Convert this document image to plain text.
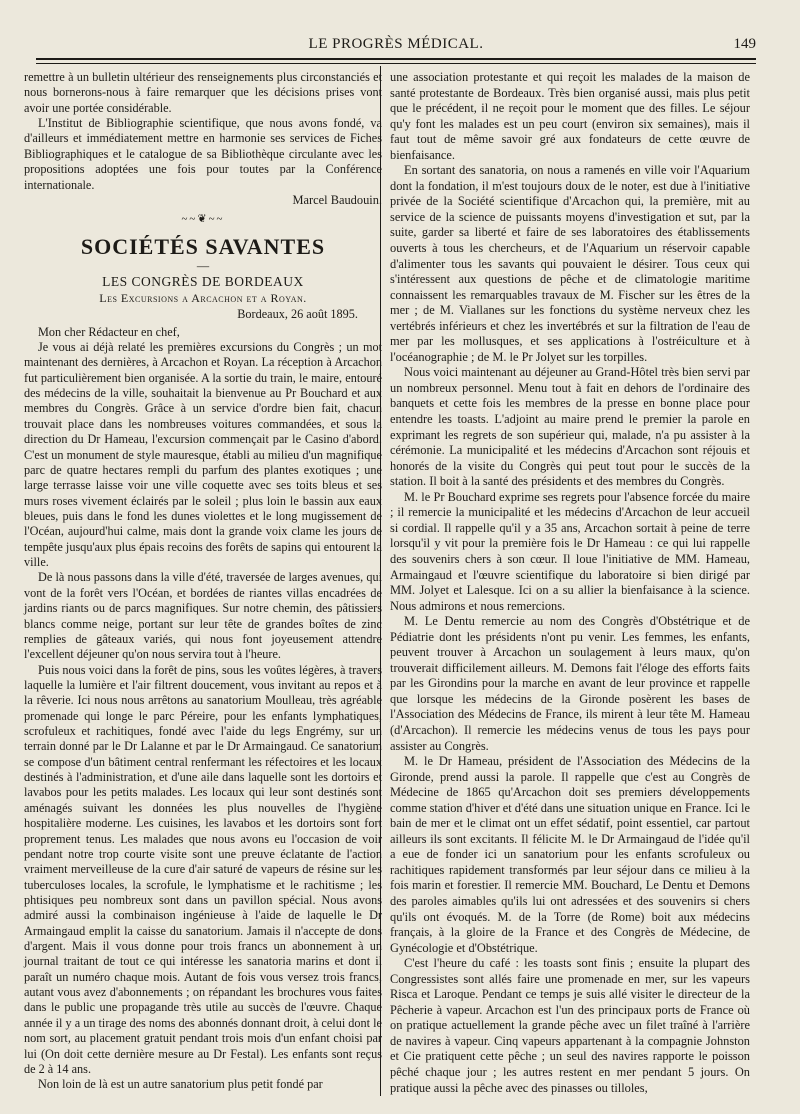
LE PROGRÈS MÉDICAL.	149

remettre à un bulletin ultérieur des renseignements plus circonstanciés et nous bornerons-nous à faire remarquer que les décisions prises vont avoir une portée considérable.

L'Institut de Bibliographie scientifique, que nous avons fondé, va d'ailleurs et immédiatement mettre en harmonie ses services de Fiches Bibliographiques et le catalogue de sa Bibliothèque circulante avec les propositions adoptées une fois pour toutes par la Conférence internationale.

Marcel Baudouin.

~~❦~~
SOCIÉTÉS SAVANTES
—
LES CONGRÈS DE BORDEAUX
Les Excursions a Arcachon et a Royan.
Bordeaux, 26 août 1895.

Mon cher Rédacteur en chef,

Je vous ai déjà relaté les premières excursions du Congrès ; un mot maintenant des dernières, à Arcachon et Royan. La réception à Arcachon fut particulièrement bien organisée. A la sortie du train, le maire, entouré des médecins de la ville, souhaitait la bienvenue au Pr Bouchard et aux membres du Congrès. Grâce à un service d'ordre bien fait, chacun trouvait place dans les nombreuses voitures commandées, et sous la direction du Dr Hameau, l'excursion commençait par le Casino d'abord. C'est un monument de style mauresque, établi au milieu d'un magnifique parc de quatre hectares rempli du parfum des plantes exotiques ; une large terrasse laisse voir une ville coquette avec ses toits bleus et ses murs roses vivement éclairés par le soleil ; plus loin le bassin aux eaux bleues, puis dans le fond les dunes violettes et le long mugissement de l'Océan, aujourd'hui calme, mais dont la grande voix clame les jours de tempête jusqu'aux plus épais recoins des forêts de sapins qui entourent la ville.

De là nous passons dans la ville d'été, traversée de larges avenues, qui vont de la forêt vers l'Océan, et bordées de riantes villas encadrées de jardins riants ou de parcs magnifiques. Sur notre chemin, des pâtissiers blancs comme neige, portant sur leur tête de grandes boîtes de zinc remplies de gâteaux variés, qui nous font joyeusement attendre l'excellent déjeuner qu'on nous servira tout à l'heure.

Puis nous voici dans la forêt de pins, sous les voûtes légères, à travers laquelle la lumière et l'air filtrent doucement, vous invitant au repos et à la rêverie. Ici nous nous arrêtons au sanatorium Moulleau, très agréable promenade qui longe le parc Péreire, pour les enfants lymphatiques, scrofuleux et rachitiques, fondé avec l'aide du legs Engrémy, sur un terrain donné par le Dr Lalanne et par le Dr Armaingaud. Ce sanatorium se compose d'un bâtiment central renfermant les réfectoires et les locaux destinés à l'administration, et d'une aile dans laquelle sont les dortoirs et lavabos pour les petits malades. Les locaux qui leur sont destinés sont aménagés suivant les données les plus nouvelles de l'hygiène hospitalière moderne. Les cuisines, les lavabos et les dortoirs sont fort proprement tenus. Les malades que nous avons eu l'occasion de voir pendant notre trop courte visite sont une preuve éclatante de l'action vraiment merveilleuse de la cure d'air saturé de vapeurs de résine sur les tuberculoses locales, la scrofule, le lymphatisme et le rachitisme ; les phtisiques peu nombreux sont dans un pavillon spécial. Nous avons admiré aussi la combinaison ingénieuse à l'aide de laquelle le Dr Armaingaud emplit la caisse du sanatorium. Jamais il n'accepte de dons d'argent. Mais il vous donne pour trois francs un abonnement à un journal traitant de tout ce qui intéresse les sanatoria marins et dont il paraît un numéro chaque mois. Autant de fois vous versez trois francs, autant vous avez d'abonnements ; on répandant les brochures vous faites dans le public une propagande très utile au succès de l'œuvre. Chaque année il y a un tirage des noms des abonnés donnant droit, à celui dont le nom sort, au placement gratuit pendant trois mois d'un enfant choisi par lui (On doit cette dernière mesure au Dr Festal). Les enfants sont reçus de 2 à 14 ans.

Non loin de là est un autre sanatorium plus petit fondé par

une association protestante et qui reçoit les malades de la maison de santé protestante de Bordeaux. Très bien organisé aussi, mais plus petit que le précédent, il ne reçoit pour le moment que des filles. Le séjour qu'y font les malades est un peu court (environ six semaines), mais il faut tout de même savoir gré aux fondateurs de cette œuvre de bienfaisance.

En sortant des sanatoria, on nous a ramenés en ville voir l'Aquarium dont la fondation, il m'est toujours doux de le noter, est due à l'initiative privée de la Société scientifique d'Arcachon qui, la première, mit au service de la science de puissants moyens d'investigation et sut, par la suite, garder sa liberté et faire de ses laboratoires des établissements ouverts à tous les chercheurs, et de l'Aquarium un réservoir capable d'alimenter tous les savants qui pouvaient le désirer. Tous ceux qui s'intéressent aux questions de pêche et de climatologie maritime connaissent les remarquables travaux de M. Fischer sur les êtres de la mer ; de M. Viallanes sur les fonctions du système nerveux chez les vertébrés inférieurs et chez les invertébrés et sur la filtration de l'eau de mer par les mollusques, et ses applications à l'ostréiculture et à l'océanographie ; de M. le Pr Jolyet sur les torpilles.

Nous voici maintenant au déjeuner au Grand-Hôtel très bien servi par un nombreux personnel. Menu tout à fait en dehors de l'ordinaire des banquets et cette fois les membres de la presse en bonne place pour entendre les toasts. L'adjoint au maire prend le premier la parole en exprimant les regrets de son supérieur qui, malade, n'a pu assister à la cérémonie. La municipalité et les médecins d'Arcachon sont réjouis et honorés de la visite du Congrès qui peut tout pour le succès de la station. Il boit à la santé des présidents et des membres du Congrès.

M. le Pr Bouchard exprime ses regrets pour l'absence forcée du maire ; il remercie la municipalité et les médecins d'Arcachon de leur accueil si cordial. Il rappelle qu'il y a 35 ans, Arcachon sortait à peine de terre lorsqu'il y vit pour la première fois le Dr Hameau : ce qui lui rappelle des souvenirs chers à son cœur. Il loue l'initiative de MM. Hameau, Armaingaud et l'œuvre scientifique du laboratoire si bien dirigé par MM. Jolyet et Lalesque. Ici on a su allier la bienfaisance à la science. Nous admirons et nous remercions.

M. Le Dentu remercie au nom des Congrès d'Obstétrique et de Pédiatrie dont les présidents n'ont pu venir. Les femmes, les enfants, peuvent trouver à Arcachon un soulagement à leurs maux, qu'on trouverait difficilement ailleurs. M. Demons fait l'éloge des efforts faits par les Girondins pour la marche en avant de leur province et rappelle que lorsque les médecins de la Gironde posèrent les bases de l'Association des Médecins de France, ils mirent à leur tête M. Hameau (d'Arcachon). Il remercie les médecins venus de tous les pays pour assister au Congrès.

M. le Dr Hameau, président de l'Association des Médecins de la Gironde, prend aussi la parole. Il rappelle que c'est au Congrès de Médecine de 1865 qu'Arcachon doit ses premiers développements comme station d'hiver et d'été dans une situation unique en France. Ici le bain de mer et le climat ont un effet sédatif, point essentiel, car partout ailleurs ils sont excitants. Il félicite M. le Dr Armaingaud de l'idée qu'il a eue de fonder ici un sanatorium pour les enfants scrofuleux ou rachitiques rapidement transformés par leur séjour dans ce milieu à la fois marin et forestier. Il remercie MM. Bouchard, Le Dentu et Demons des paroles aimables qu'ils lui ont adressées et des souvenirs si chers qu'ils ont évoqués. M. de la Torre (de Rome) boit aux médecins français, à la gloire de la France et des Congrès de Médecine, de Gynécologie et d'Obstétrique.

C'est l'heure du café : les toasts sont finis ; ensuite la plupart des Congressistes sont allés faire une promenade en mer, sur les vapeurs Risca et Laroque. Pendant ce temps je suis allé visiter le directeur de la Pêcherie à vapeur. Arcachon est l'un des principaux ports de France où on pratique actuellement la grande pêche avec un filet traîné à l'arrière de navires à vapeur. Cinq vapeurs appartenant à la compagnie Johnston et Cie pratiquent cette pêche ; un seul des navires rapporte le poisson pêché chaque jour ; les autres restent en mer pendant 5 jours. On pratique aussi la pêche avec des pinasses ou tilloles,
